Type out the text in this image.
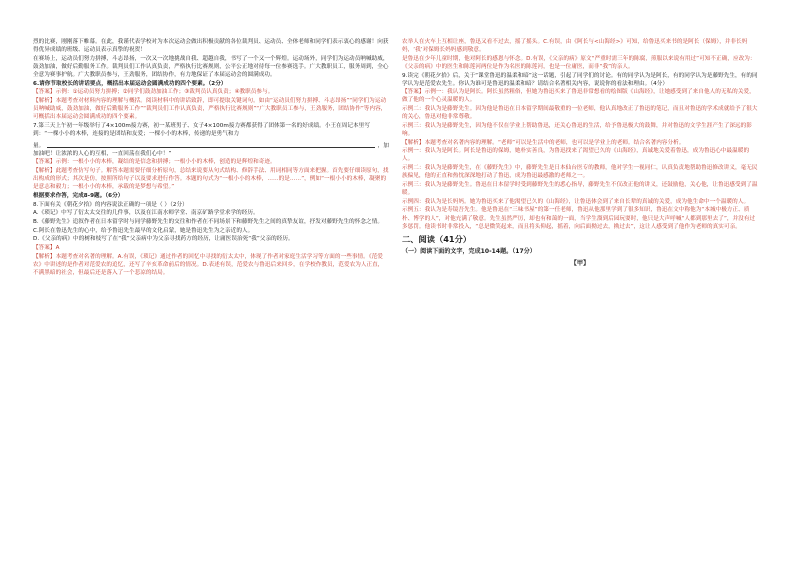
烈的比赛，刚刚落下帷幕。在此，我谨代表学校对为本次运动会做出积极贡献的各位裁判员、运动员、全体老师和同学们表示衷心的感谢！向获得优异成绩的班级、运动员表示真挚的祝贺！

在赛场上，运动员们努力拼搏，斗志昂扬，一次又一次地挑战自我、超越自我，书写了一个又一个辉煌。运动场外，同学们为运动员呐喊助威，鼓劲加油，做好后勤服务工作。裁判员们工作认真负责，严格执行比赛规则，公平公正地对待每一位参赛选手。广大教职员工，服务周到，全心全意为赛事护航。广大教职员参与，王劲服务，团结协作，有力地保证了本届运动会的圆满成功。

6.请你节取校长的讲话要点，概括出本届运动会圆满成功的四个要素。（2分）

【答案】示例：①运动员努力拼搏；②同学们鼓劲加油工作；③裁判员认真负责；④教职员参与。

【解析】本题考查对材料内容的理解与概括。阅读材料中的讲话致辞，即可提取关键词句。如由“运动员们努力拼搏、斗志昂扬”“同学们为运动员呐喊助威，鼓劲加油，做好后勤服务工作”“裁判员们工作认真负责，严格执行比赛规则”“广大教职员工参与，王劲服务，团结协作”等内容，可概括出本届运动会圆满成功的四个要素。

7.第三天上午初一年级举行了4×100m接力赛，初一某班男子、女子4×100m接力赛都获得了团体第一名的好成绩。小王在周记本里写到：“一棵小小的木棒，连接的是团结和友爱；一棵小小的木棒，传递的是勇气和力

量。	，加

加油吧！让浓浓的人心的互相，一直回荡在我们心中！”

【答案】示例：一根小小的木棒，凝结的是信念和拼搏；一根小小的木棒，创造的是辉煌和奇迹。

【解析】此题考查仿写句子。解答本题需要仔细分析原句，总结来说要从句式结构、修辞手法、用词相同等方面来把握。首先要仔细读原句，找出构成的形式；其次是仿，按照所给句子以及要求进行作答。本题的句式为“一根小小的木棒，……的是……”，例如“一根小小的木棒，凝聚的是意志和毅力；一根小小的木棒，承载的是梦想与希望。”

根据要求作答，完成8-9题。（6分）

8.下面有关《朝花夕拾》的内容说法正确的一项是（ ）（2分）

A.《琐记》中写了衍太太交往的几件事，以及在江南水师学堂、南京矿路学堂求学的经历。

B.《藤野先生》追叙作者在日本留学时与同学藤野先生的交往和作者在不同场景下和藤野先生之间的真挚友谊，抒发对藤野先生的怀念之情。

C.阿长在鲁迅先生的心中，给予鲁迅先生最早的文化启蒙，她是鲁迅先生为之亲近的人。

D.《父亲的病》中的树和枝写了在“我”父亲病中为父亲寻找药方的经历，让庸医误治死“我”父亲的经历。

【答案】A

【解析】本题考查对名著的理解。A.有误，《琐记》通过作者的回忆中寻找的衍太太中，体现了作者对家庭生活学习等方面的一些事情。《范爱农》中讲述的是作者对范爱农的追忆，还写了辛亥革命前后的情况。D.表述有误，范爱农与鲁迅后来回乡，在学校作教员，范爱农为人正直，不满黑暗的社会，但最后还是落入了一个悲凉的结局。

农举人在火车上互相让座，鲁迅又看不过去，摇了摇头。C.有误，由《阿长与<山海经>》可知，给鲁迅买来书的是阿长（保姆），并非长妈妈，‘我’对保姆长妈妈感到敬意。

是鲁迅在少年儿童时期，他对阿长的感恩与怀念。D.有误，《父亲的病》原文“严重时需三年的陈腐，煎服以来说有用过”可知不正确，应改为：《父亲的病》中的医生和陈莲河两位是作为名医的陈莲河，也是一位庸医，而非“我”的亲人。

9.读完《朝花夕拾》后，关于“课堂鲁迅的温柔和暗”这一话题，引起了同学们的讨论。有的同学认为是阿长，有的同学认为是藤野先生，有的同学认为是范爱农先生。你认为谁可是鲁迅的温柔和暗？请结合名著相关内容，说说你的看法和理由。（4分）

【答案】示例一：我认为是阿长。阿长虽然粗俗，但她为鲁迅买来了鲁迅非常想看的绘图版《山海经》，让她感受到了来自他人的无私的关爱，做了他的一个心灵温暖的人。

示例二：我认为是藤野先生。因为他是鲁迅在日本留学期间最敬重的一位老师，他认真地改正了鲁迅的笔记，而且对鲁迅的学术成就给予了很大的关心，鲁迅对他非常尊敬。

示例三：我认为是藤野先生，因为他不仅在学业上帮助鲁迅，还关心鲁迅的生活，给予鲁迅极大的鼓舞，并对鲁迅的文学生涯产生了深远的影响。

【解析】本题考查对名著内容的理解。“老师”可以是生活中的老师，也可以是学业上的老师。结合名著内容分析。

示例一：我认为是阿长。阿长是鲁迅的保姆，她朴实善良，为鲁迅找来了渴望已久的《山海经》，真诚地关爱着鲁迅，成为鲁迅心中最温暖的人。

示例二：我认为是藤野先生，在《藤野先生》中，藤野先生是日本仙台医专的教师，他对学生一视同仁，认真负责地帮助鲁迅修改讲义，毫无民族偏见，他的正直和热忱深深地打动了鲁迅，成为鲁迅最感激的老师之一。

示例三：我认为是藤野先生。鲁迅在日本留学时受到藤野先生的悉心指导，藤野先生不仅改正他的讲义，还鼓励他，关心他，让鲁迅感受到了温暖。

示例四：我认为是长妈妈。她为鲁迅买来了他渴望已久的《山海经》，让鲁迅体会到了来自长辈的真诚的关爱，成为他生命中一个温暖的人。

示例五：我认为是寿镜吾先生。他是鲁迅在“三味书屋”的第一任老师，鲁迅从他那里学到了很多知识，鲁迅在文中称他为“本城中极方正、质朴、博学的人”，对他充满了敬意。先生虽然严厉，却也有和蔼的一面，当学生溜到后园玩耍时，他只是大声呼喊“人都到那里去了”，并没有过多惩罚。他读书时非常投入，“总是微笑起来，而且将头仰起，摇着，向后面拗过去，拗过去”，这让人感受到了他作为老师的真实可亲。

二、阅读（41分）
（一）阅读下面的文字，完成10-14题。（17分）
【甲】
